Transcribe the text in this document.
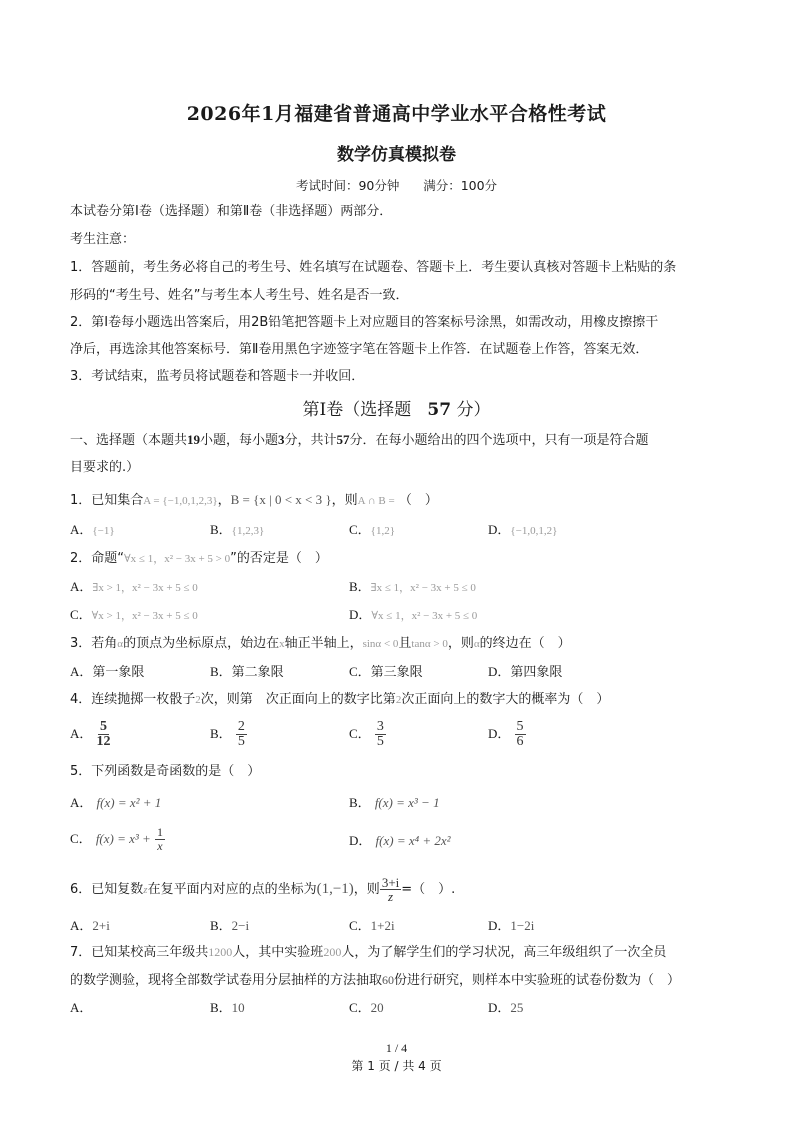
2026年1月福建省普通高中学业水平合格性考试
数学仿真模拟卷
考试时间：90分钟 满分：100分
本试卷分第Ⅰ卷（选择题）和第Ⅱ卷（非选择题）两部分．
考生注意：
1．答题前，考生务必将自己的考生号、姓名填写在试题卷、答题卡上．考生要认真核对答题卡上粘贴的条
形码的“考生号、姓名”与考生本人考生号、姓名是否一致．
2．第Ⅰ卷每小题选出答案后，用2B铅笔把答题卡上对应题目的答案标号涂黑，如需改动，用橡皮擦擦干
净后，再选涂其他答案标号．第Ⅱ卷用黑色字迹签字笔在答题卡上作答．在试题卷上作答，答案无效．
3．考试结束，监考员将试题卷和答题卡一并收回．
第Ⅰ卷（选择题 57 分）
一、选择题（本题共19小题，每小题3分，共计57分．在每小题给出的四个选项中，只有一项是符合题
目要求的.）
1．已知集合A = {−1,0,1,2,3}，B = {x | 0 < x < 3 }，则A ∩ B = （　）
A．{−1}	B．{1,2,3}	C．{1,2}	D．{−1,0,1,2}
2．命题“∀x ≤ 1，x² − 3x + 5 > 0”的否定是（　）
A．∃x > 1，x² − 3x + 5 ≤ 0	B．∃x ≤ 1，x² − 3x + 5 ≤ 0
C．∀x > 1，x² − 3x + 5 ≤ 0	D．∀x ≤ 1，x² − 3x + 5 ≤ 0
3．若角α的顶点为坐标原点，始边在x轴正半轴上，sinα < 0且tanα > 0，则α的终边在（　）
A．第一象限	B．第二象限	C．第三象限	D．第四象限
4．连续抛掷一枚骰子2次，则第　次正面向上的数字比第2次正面向上的数字大的概率为（　）
A． $\frac{5}{12}$	B． $\frac{2}{5}$	C． $\frac{3}{5}$	D． $\frac{5}{6}$
5．下列函数是奇函数的是（　）
A． f(x) = x² + 1	B． f(x) = x³ − 1
C． $f(x) = x^3 + \frac{1}{x}$	D． f(x) = x⁴ + 2x²
6．已知复数z在复平面内对应的点的坐标为(1,−1)，则 $\frac{3+i}{z}$ =（　）.
A．2+i	B．2−i	C．1+2i	D．1−2i
7．已知某校高三年级共1200人，其中实验班200人，为了解学生们的学习状况，高三年级组织了一次全员
的数学测验，现将全部数学试卷用分层抽样的方法抽取60份进行研究，则样本中实验班的试卷份数为（　）
A．	B．10	C．20	D．25
1 / 4
第 1 页 / 共 4 页
